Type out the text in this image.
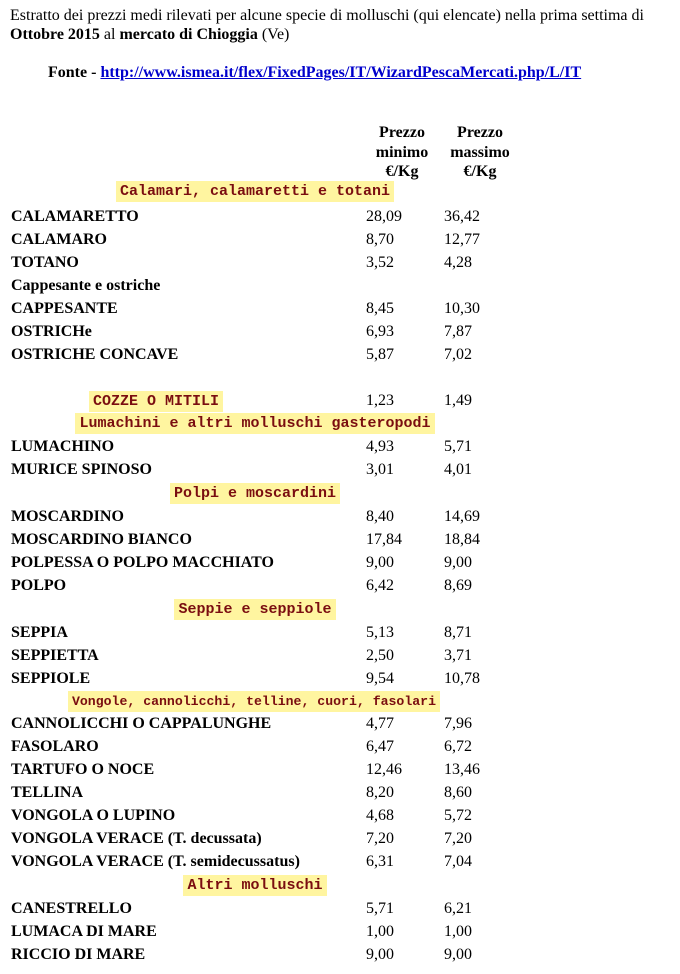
Estratto dei prezzi medi rilevati per alcune specie di molluschi (qui elencate) nella prima settima di Ottobre 2015 al mercato di Chioggia (Ve)
Fonte - http://www.ismea.it/flex/FixedPages/IT/WizardPescaMercati.php/L/IT
Prezzo
minimo
€/Kg
Prezzo
massimo
€/Kg
Calamari, calamaretti e totani
CALAMARETTO	28,09	36,42
CALAMARO	8,70	12,77
TOTANO	3,52	4,28
Cappesante e ostriche
CAPPESANTE	8,45	10,30
OSTRICHe	6,93	7,87
OSTRICHE CONCAVE	5,87	7,02
COZZE O MITILI	1,23	1,49
Lumachini e altri molluschi gasteropodi
LUMACHINO	4,93	5,71
MURICE SPINOSO	3,01	4,01
Polpi e moscardini
MOSCARDINO	8,40	14,69
MOSCARDINO BIANCO	17,84	18,84
POLPESSA O POLPO MACCHIATO	9,00	9,00
POLPO	6,42	8,69
Seppie e seppiole
SEPPIA	5,13	8,71
SEPPIETTA	2,50	3,71
SEPPIOLE	9,54	10,78
Vongole, cannolicchi, telline, cuori, fasolari
CANNOLICCHI O CAPPALUNGHE	4,77	7,96
FASOLARO	6,47	6,72
TARTUFO O NOCE	12,46	13,46
TELLINA	8,20	8,60
VONGOLA O LUPINO	4,68	5,72
VONGOLA VERACE (T. decussata)	7,20	7,20
VONGOLA VERACE (T. semidecussatus)	6,31	7,04
Altri molluschi
CANESTRELLO	5,71	6,21
LUMACA DI MARE	1,00	1,00
RICCIO DI MARE	9,00	9,00
